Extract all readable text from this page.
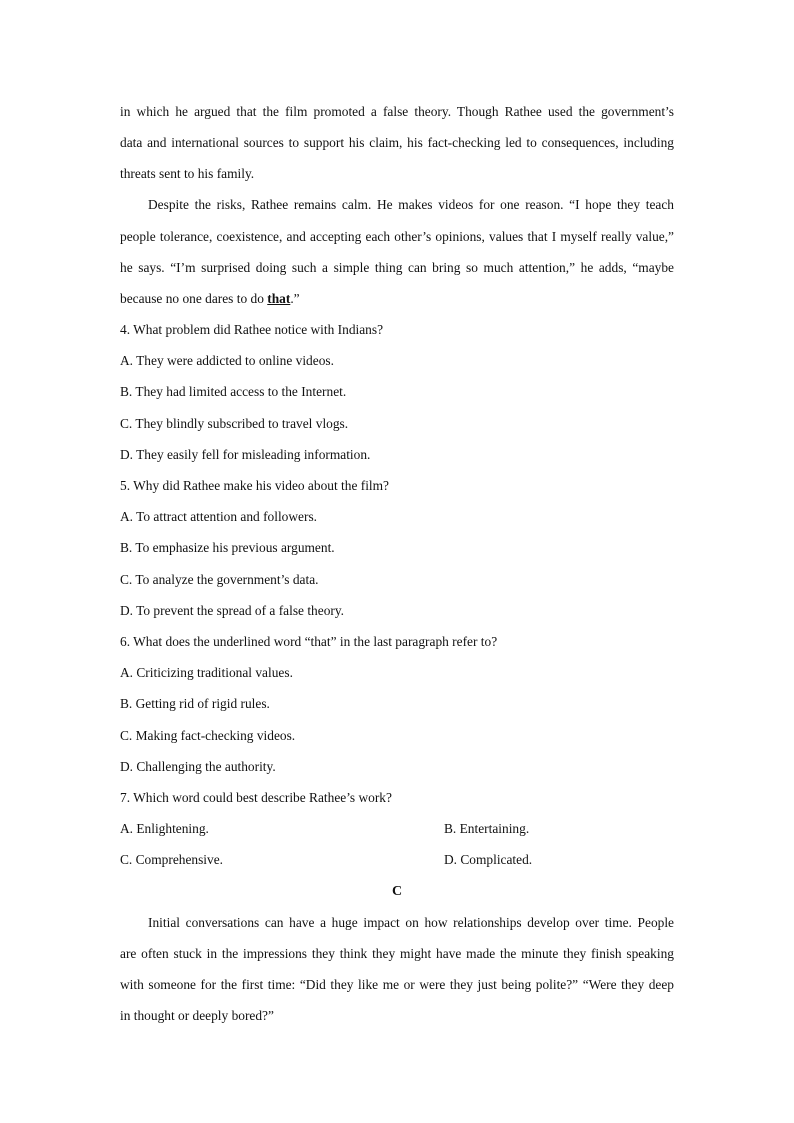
in which he argued that the film promoted a false theory. Though Rathee used the government’s
data and international sources to support his claim, his fact-checking led to consequences, including
threats sent to his family.
Despite the risks, Rathee remains calm. He makes videos for one reason. “I hope they teach
people tolerance, coexistence, and accepting each other’s opinions, values that I myself really value,”
he says. “I’m surprised doing such a simple thing can bring so much attention,” he adds, “maybe
because no one dares to do that.”
4. What problem did Rathee notice with Indians?
A. They were addicted to online videos.
B. They had limited access to the Internet.
C. They blindly subscribed to travel vlogs.
D. They easily fell for misleading information.
5. Why did Rathee make his video about the film?
A. To attract attention and followers.
B. To emphasize his previous argument.
C. To analyze the government’s data.
D. To prevent the spread of a false theory.
6. What does the underlined word “that” in the last paragraph refer to?
A. Criticizing traditional values.
B. Getting rid of rigid rules.
C. Making fact-checking videos.
D. Challenging the authority.
7. Which word could best describe Rathee’s work?
A. Enlightening.	B. Entertaining.
C. Comprehensive.	D. Complicated.
C
Initial conversations can have a huge impact on how relationships develop over time. People
are often stuck in the impressions they think they might have made the minute they finish speaking
with someone for the first time: “Did they like me or were they just being polite?” “Were they deep
in thought or deeply bored?”
